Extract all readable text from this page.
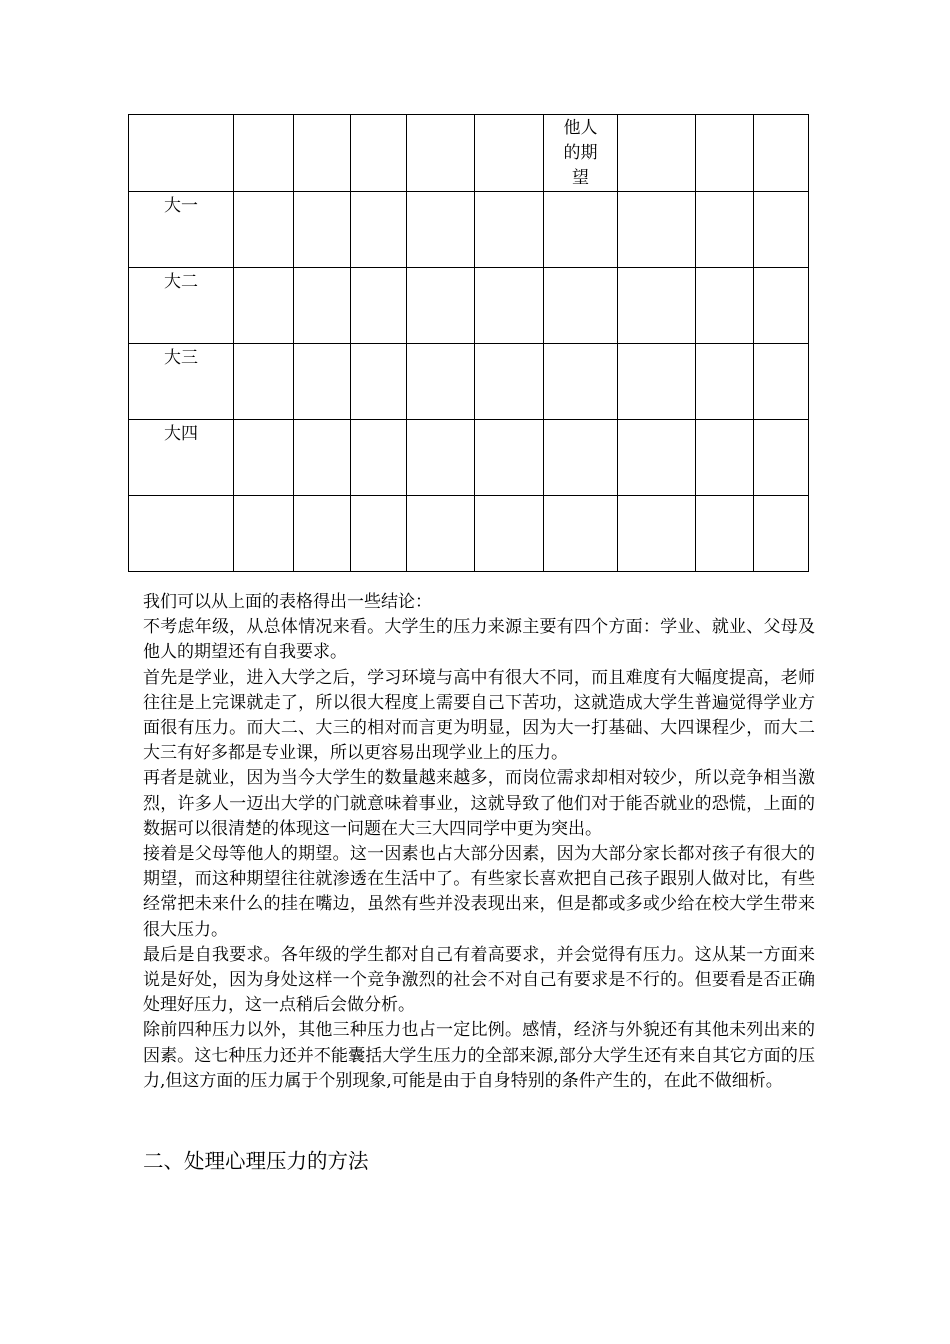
						他人的期望			

大一									
大二									
大三									
大四									

我们可以从上面的表格得出一些结论：

不考虑年级，从总体情况来看。大学生的压力来源主要有四个方面：学业、就业、父母及他人的期望还有自我要求。

首先是学业，进入大学之后，学习环境与高中有很大不同，而且难度有大幅度提高，老师往往是上完课就走了，所以很大程度上需要自己下苦功，这就造成大学生普遍觉得学业方面很有压力。而大二、大三的相对而言更为明显，因为大一打基础、大四课程少，而大二大三有好多都是专业课，所以更容易出现学业上的压力。

再者是就业，因为当今大学生的数量越来越多，而岗位需求却相对较少，所以竞争相当激烈，许多人一迈出大学的门就意味着事业，这就导致了他们对于能否就业的恐慌，上面的数据可以很清楚的体现这一问题在大三大四同学中更为突出。

接着是父母等他人的期望。这一因素也占大部分因素，因为大部分家长都对孩子有很大的期望，而这种期望往往就渗透在生活中了。有些家长喜欢把自己孩子跟别人做对比，有些经常把未来什么的挂在嘴边，虽然有些并没表现出来，但是都或多或少给在校大学生带来很大压力。

最后是自我要求。各年级的学生都对自己有着高要求，并会觉得有压力。这从某一方面来说是好处，因为身处这样一个竞争激烈的社会不对自己有要求是不行的。但要看是否正确处理好压力，这一点稍后会做分析。

除前四种压力以外，其他三种压力也占一定比例。感情，经济与外貌还有其他未列出来的因素。这七种压力还并不能囊括大学生压力的全部来源,部分大学生还有来自其它方面的压力,但这方面的压力属于个别现象,可能是由于自身特别的条件产生的，在此不做细析。

二、处理心理压力的方法
